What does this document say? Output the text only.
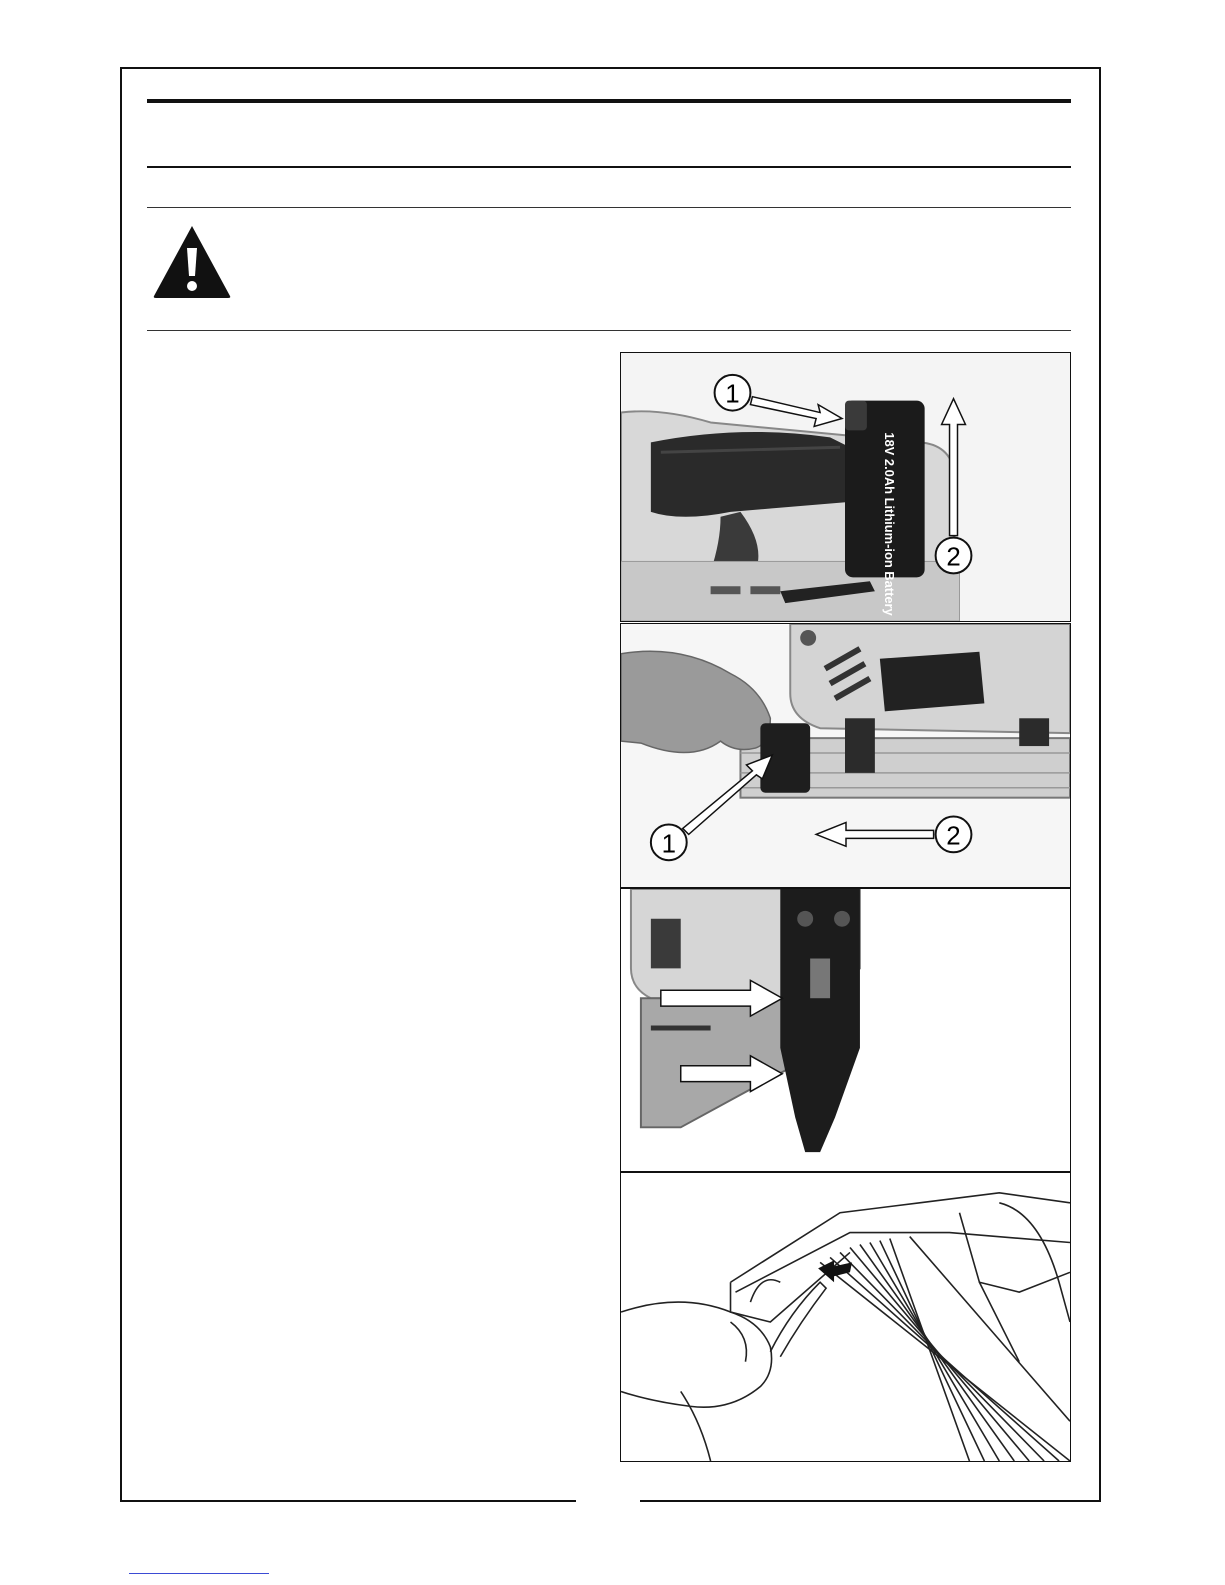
18V 2.0Ah Lithium-ion Battery
1
2
1	2
